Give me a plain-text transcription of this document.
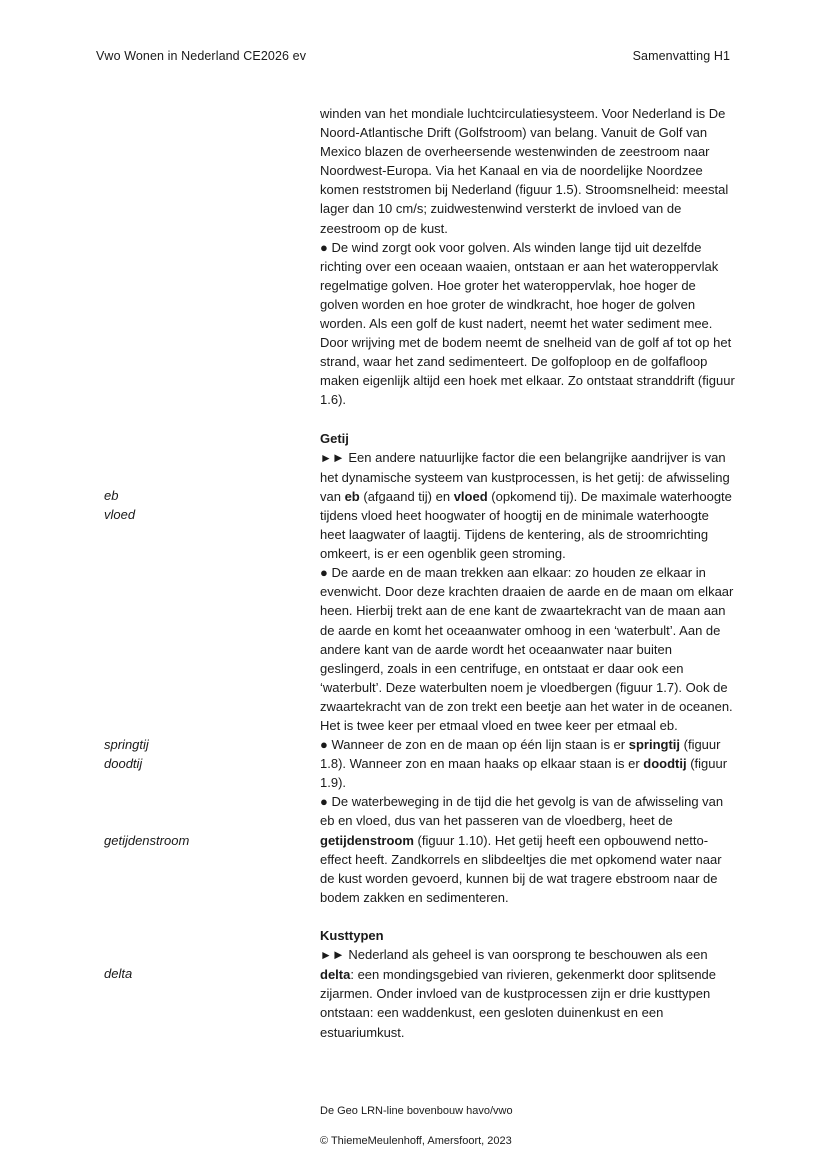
Vwo Wonen in Nederland CE2026 ev	Samenvatting H1

winden van het mondiale luchtcirculatiesysteem. Voor Nederland is De Noord-Atlantische Drift (Golfstroom) van belang. Vanuit de Golf van Mexico blazen de overheersende westenwinden de zeestroom naar Noordwest-Europa. Via het Kanaal en via de noordelijke Noordzee komen reststromen bij Nederland (figuur 1.5). Stroomsnelheid: meestal lager dan 10 cm/s; zuidwestenwind versterkt de invloed van de zeestroom op de kust.

● De wind zorgt ook voor golven. Als winden lange tijd uit dezelfde richting over een oceaan waaien, ontstaan er aan het wateroppervlak regelmatige golven. Hoe groter het wateroppervlak, hoe hoger de golven worden en hoe groter de windkracht, hoe hoger de golven worden. Als een golf de kust nadert, neemt het water sediment mee. Door wrijving met de bodem neemt de snelheid van de golf af tot op het strand, waar het zand sedimenteert. De golfoploop en de golfafloop maken eigenlijk altijd een hoek met elkaar. Zo ontstaat stranddrift (figuur 1.6).

eb
vloed

Getij

►► Een andere natuurlijke factor die een belangrijke aandrijver is van het dynamische systeem van kustprocessen, is het getij: de afwisseling van eb (afgaand tij) en vloed (opkomend tij). De maximale waterhoogte tijdens vloed heet hoogwater of hoogtij en de minimale waterhoogte heet laagwater of laagtij. Tijdens de kentering, als de stroomrichting omkeert, is er een ogenblik geen stroming.

● De aarde en de maan trekken aan elkaar: zo houden ze elkaar in evenwicht. Door deze krachten draaien de aarde en de maan om elkaar heen. Hierbij trekt aan de ene kant de zwaartekracht van de maan aan de aarde en komt het oceaanwater omhoog in een ‘waterbult’. Aan de andere kant van de aarde wordt het oceaanwater naar buiten geslingerd, zoals in een centrifuge, en ontstaat er daar ook een ‘waterbult’. Deze waterbulten noem je vloedbergen (figuur 1.7). Ook de zwaartekracht van de zon trekt een beetje aan het water in de oceanen. Het is twee keer per etmaal vloed en twee keer per etmaal eb.

springtij
doodtij

● Wanneer de zon en de maan op één lijn staan is er springtij (figuur 1.8). Wanneer zon en maan haaks op elkaar staan is er doodtij (figuur 1.9).

getijdenstroom

● De waterbeweging in de tijd die het gevolg is van de afwisseling van eb en vloed, dus van het passeren van de vloedberg, heet de getijdenstroom (figuur 1.10). Het getij heeft een opbouwend netto-effect heeft. Zandkorrels en slibdeeltjes die met opkomend water naar de kust worden gevoerd, kunnen bij de wat tragere ebstroom naar de bodem zakken en sedimenteren.

delta

Kusttypen

►► Nederland als geheel is van oorsprong te beschouwen als een delta: een mondingsgebied van rivieren, gekenmerkt door splitsende zijarmen. Onder invloed van de kustprocessen zijn er drie kusttypen ontstaan: een waddenkust, een gesloten duinenkust en een estuariumkust.

De Geo LRN-line bovenbouw havo/vwo

© ThiemeMeulenhoff, Amersfoort, 2023
